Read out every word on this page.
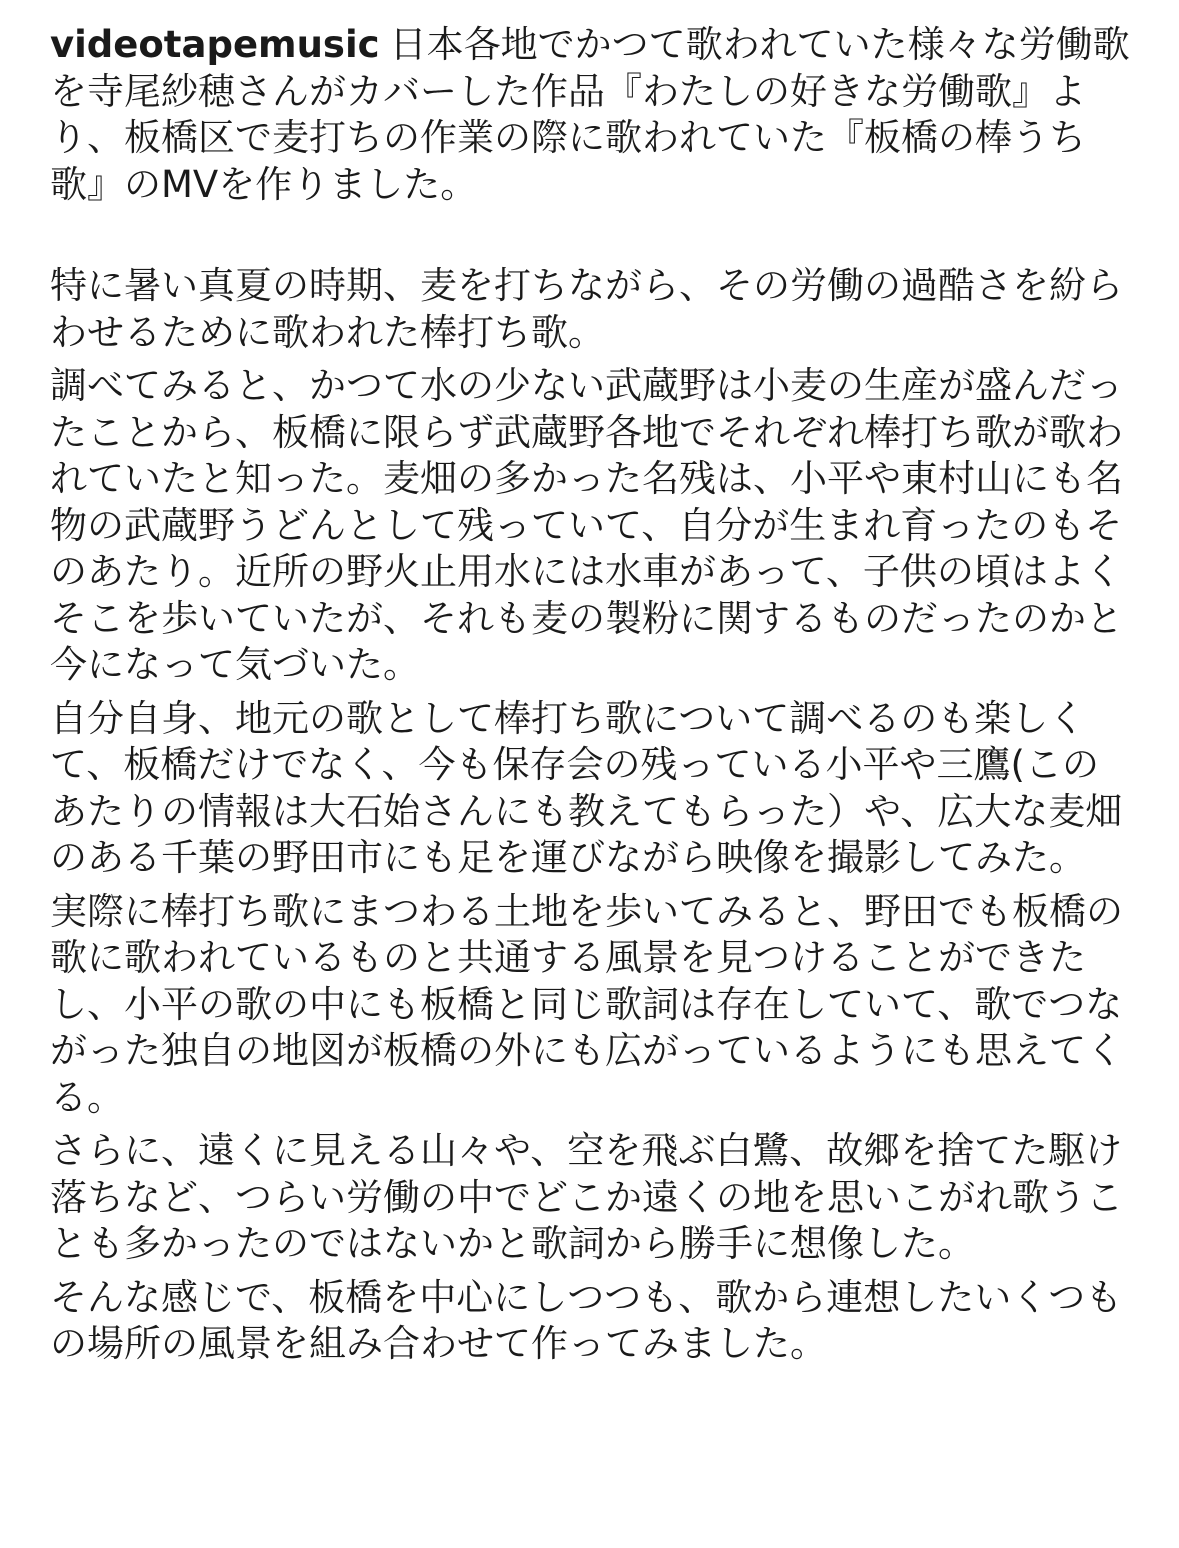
videotapemusic 日本各地でかつて歌われていた様々な労働歌を寺尾紗穂さんがカバーした作品『わたしの好きな労働歌』より、板橋区で麦打ちの作業の際に歌われていた『板橋の棒うち歌』のMVを作りました。

特に暑い真夏の時期、麦を打ちながら、その労働の過酷さを紛らわせるために歌われた棒打ち歌。

調べてみると、かつて水の少ない武蔵野は小麦の生産が盛んだったことから、板橋に限らず武蔵野各地でそれぞれ棒打ち歌が歌われていたと知った。麦畑の多かった名残は、小平や東村山にも名物の武蔵野うどんとして残っていて、自分が生まれ育ったのもそのあたり。近所の野火止用水には水車があって、子供の頃はよくそこを歩いていたが、それも麦の製粉に関するものだったのかと今になって気づいた。

自分自身、地元の歌として棒打ち歌について調べるのも楽しくて、板橋だけでなく、今も保存会の残っている小平や三鷹(このあたりの情報は大石始さんにも教えてもらった）や、広大な麦畑のある千葉の野田市にも足を運びながら映像を撮影してみた。

実際に棒打ち歌にまつわる土地を歩いてみると、野田でも板橋の歌に歌われているものと共通する風景を見つけることができたし、小平の歌の中にも板橋と同じ歌詞は存在していて、歌でつながった独自の地図が板橋の外にも広がっているようにも思えてくる。

さらに、遠くに見える山々や、空を飛ぶ白鷺、故郷を捨てた駆け落ちなど、つらい労働の中でどこか遠くの地を思いこがれ歌うことも多かったのではないかと歌詞から勝手に想像した。

そんな感じで、板橋を中心にしつつも、歌から連想したいくつもの場所の風景を組み合わせて作ってみました。
